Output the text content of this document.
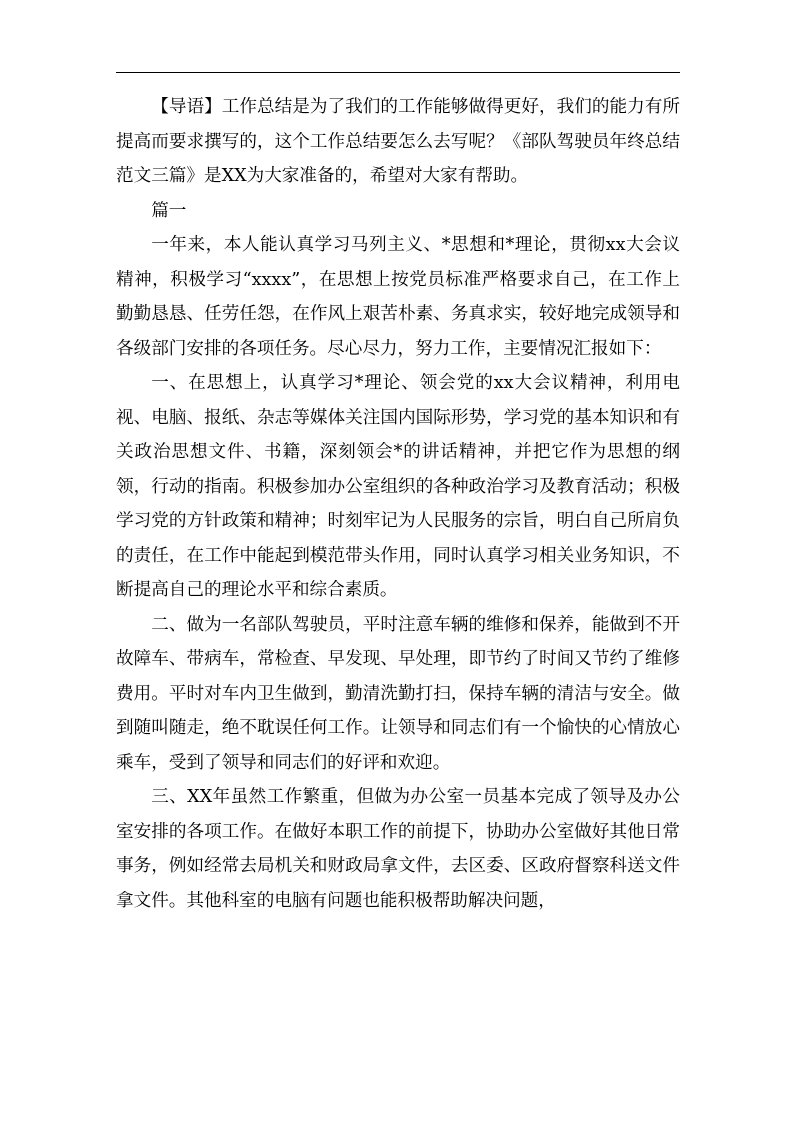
【导语】工作总结是为了我们的工作能够做得更好，我们的能力有所提高而要求撰写的，这个工作总结要怎么去写呢？《部队驾驶员年终总结范文三篇》是XX为大家准备的，希望对大家有帮助。

篇一

一年来，本人能认真学习马列主义、*思想和*理论，贯彻xx大会议精神，积极学习“xxxx”，在思想上按党员标准严格要求自己，在工作上勤勤恳恳、任劳任怨，在作风上艰苦朴素、务真求实，较好地完成领导和各级部门安排的各项任务。尽心尽力，努力工作，主要情况汇报如下：

一、在思想上，认真学习*理论、领会党的xx大会议精神，利用电视、电脑、报纸、杂志等媒体关注国内国际形势，学习党的基本知识和有关政治思想文件、书籍，深刻领会*的讲话精神，并把它作为思想的纲领，行动的指南。积极参加办公室组织的各种政治学习及教育活动；积极学习党的方针政策和精神；时刻牢记为人民服务的宗旨，明白自己所肩负的责任，在工作中能起到模范带头作用，同时认真学习相关业务知识，不断提高自己的理论水平和综合素质。

二、做为一名部队驾驶员，平时注意车辆的维修和保养，能做到不开故障车、带病车，常检查、早发现、早处理，即节约了时间又节约了维修费用。平时对车内卫生做到，勤清洗勤打扫，保持车辆的清洁与安全。做到随叫随走，绝不耽误任何工作。让领导和同志们有一个愉快的心情放心乘车，受到了领导和同志们的好评和欢迎。

三、XX年虽然工作繁重，但做为办公室一员基本完成了领导及办公室安排的各项工作。在做好本职工作的前提下，协助办公室做好其他日常事务，例如经常去局机关和财政局拿文件，去区委、区政府督察科送文件拿文件。其他科室的电脑有问题也能积极帮助解决问题，
